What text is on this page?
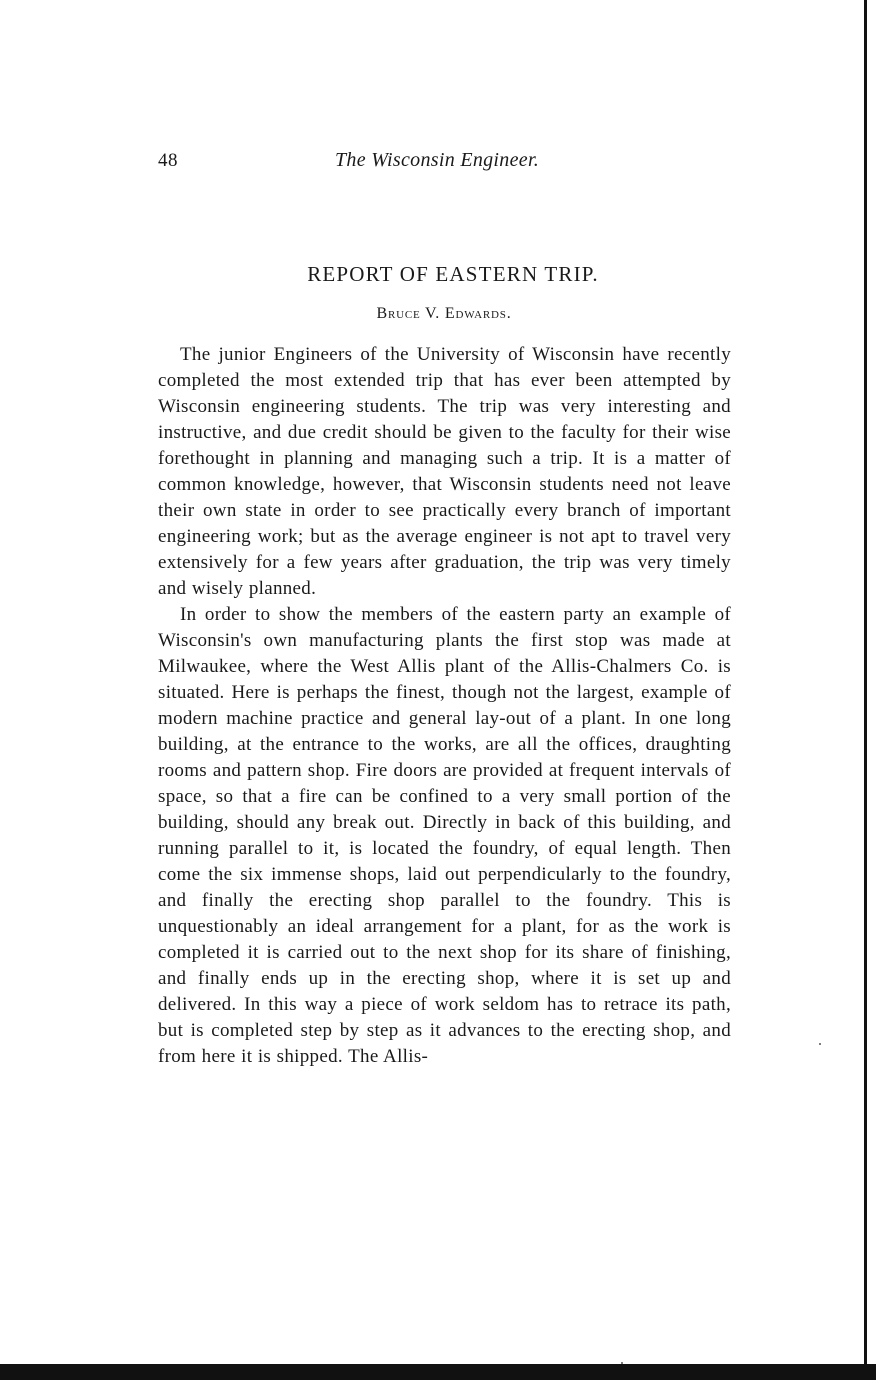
48	The Wisconsin Engineer.
REPORT OF EASTERN TRIP.
Bruce V. Edwards.

The junior Engineers of the University of Wisconsin have recently completed the most extended trip that has ever been attempted by Wisconsin engineering students. The trip was very interesting and instructive, and due credit should be given to the faculty for their wise forethought in planning and managing such a trip. It is a matter of common knowledge, however, that Wisconsin students need not leave their own state in order to see practically every branch of important engineering work; but as the average engineer is not apt to travel very extensively for a few years after graduation, the trip was very timely and wisely planned.

In order to show the members of the eastern party an example of Wisconsin's own manufacturing plants the first stop was made at Milwaukee, where the West Allis plant of the Allis-Chalmers Co. is situated. Here is perhaps the finest, though not the largest, example of modern machine practice and general lay-out of a plant. In one long building, at the entrance to the works, are all the offices, draughting rooms and pattern shop. Fire doors are provided at frequent intervals of space, so that a fire can be confined to a very small portion of the building, should any break out. Directly in back of this building, and running parallel to it, is located the foundry, of equal length. Then come the six immense shops, laid out perpendicularly to the foundry, and finally the erecting shop parallel to the foundry. This is unquestionably an ideal arrangement for a plant, for as the work is completed it is carried out to the next shop for its share of finishing, and finally ends up in the erecting shop, where it is set up and delivered. In this way a piece of work seldom has to retrace its path, but is completed step by step as it advances to the erecting shop, and from here it is shipped. The Allis-
